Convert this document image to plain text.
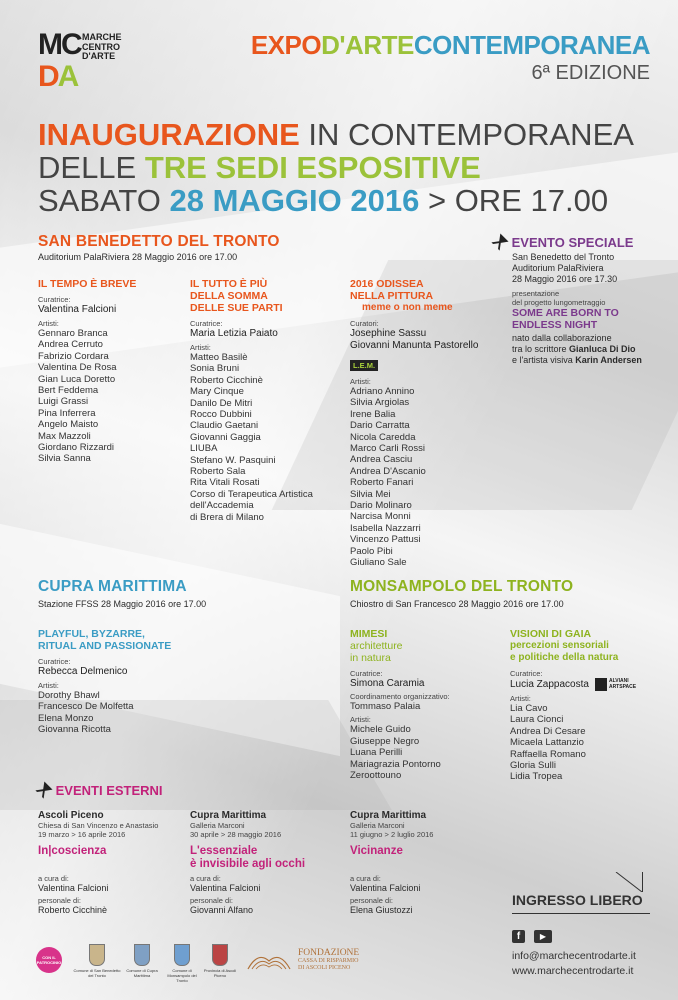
MC
DA
MARCHE
CENTRO
D'ARTE	EXPOD'ARTECONTEMPORANEA
6ª EDIZIONE
INAUGURAZIONE IN CONTEMPORANEA
DELLE TRE SEDI ESPOSITIVE
SABATO 28 MAGGIO 2016 > ORE 17.00
SAN BENEDETTO DEL TRONTO
Auditorium PalaRiviera 28 Maggio 2016 ore 17.00
IL TEMPO È BREVE
Curatrice:
Valentina Falcioni
Artisti:
Gennaro Branca
Andrea Cerruto
Fabrizio Cordara
Valentina De Rosa
Gian Luca Doretto
Bert Feddema
Luigi Grassi
Pina Inferrera
Angelo Maisto
Max Mazzoli
Giordano Rizzardi
Silvia Sanna
IL TUTTO È PIÙ
DELLA SOMMA
DELLE SUE PARTI
Curatrice:
Maria Letizia Paiato
Artisti:
Matteo Basilè
Sonia Bruni
Roberto Cicchinè
Mary Cinque
Danilo De Mitri
Rocco Dubbini
Claudio Gaetani
Giovanni Gaggia
LIUBA
Stefano W. Pasquini
Roberto Sala
Rita Vitali Rosati
Corso di Terapeutica Artistica
dell'Accademia
di Brera di Milano
2016 ODISSEA
NELLA PITTURA
meme o non meme
Curatori:
Josephine Sassu
Giovanni Manunta Pastorello
L.E.M.
Artisti:
Adriano Annino
Silvia Argiolas
Irene Balia
Dario Carratta
Nicola Caredda
Marco Carli Rossi
Andrea Casciu
Andrea D'Ascanio
Roberto Fanari
Silvia Mei
Dario Molinaro
Narcisa Monni
Isabella Nazzarri
Vincenzo Pattusi
Paolo Pibi
Giuliano Sale
⧕ EVENTO SPECIALE
San Benedetto del Tronto
Auditorium PalaRiviera
28 Maggio 2016 ore 17.30
presentazione
del progetto lungometraggio
SOME ARE BORN TO
ENDLESS NIGHT
nato dalla collaborazione
tra lo scrittore Gianluca Di Dio
e l'artista visiva Karin Andersen
CUPRA MARITTIMA
Stazione FFSS 28 Maggio 2016 ore 17.00
PLAYFUL, BYZARRE,
RITUAL AND PASSIONATE
Curatrice:
Rebecca Delmenico
Artisti:
Dorothy Bhawl
Francesco De Molfetta
Elena Monzo
Giovanna Ricotta
MONSAMPOLO DEL TRONTO
Chiostro di San Francesco 28 Maggio 2016 ore 17.00
MIMESI
architetture
in natura
Curatrice:
Simona Caramia
Coordinamento organizzativo:
Tommaso Palaia
Artisti:
Michele Guido
Giuseppe Negro
Luana Perilli
Mariagrazia Pontorno
Zeroottouno
VISIONI DI GAIA
percezioni sensoriali
e politiche della natura
Curatrice:
Lucia Zappacosta	ALVIANI
ARTSPACE
Artisti:
Lia Cavo
Laura Cionci
Andrea Di Cesare
Micaela Lattanzio
Raffaella Romano
Gloria Sulli
Lidia Tropea
⧕ EVENTI ESTERNI
Ascoli Piceno
Chiesa di San Vincenzo e Anastasio
19 marzo > 16 aprile 2016
In|coscienza
a cura di:
Valentina Falcioni
personale di:
Roberto Cicchinè
Cupra Marittima
Galleria Marconi
30 aprile > 28 maggio 2016
L'essenziale
è invisibile agli occhi
a cura di:
Valentina Falcioni
personale di:
Giovanni Alfano
Cupra Marittima
Galleria Marconi
11 giugno > 2 luglio 2016
Vicinanze
a cura di:
Valentina Falcioni
personale di:
Elena Giustozzi
INGRESSO LIBERO
f	▶
info@marchecentrodarte.it
www.marchecentrodarte.it
CON IL
PATROCINIO
Comune di San Benedetto del Tronto
Comune di Cupra Marittima
Comune di Monsampolo del Tronto
Provincia di Ascoli Piceno
FONDAZIONE
CASSA DI RISPARMIO
DI ASCOLI PICENO
